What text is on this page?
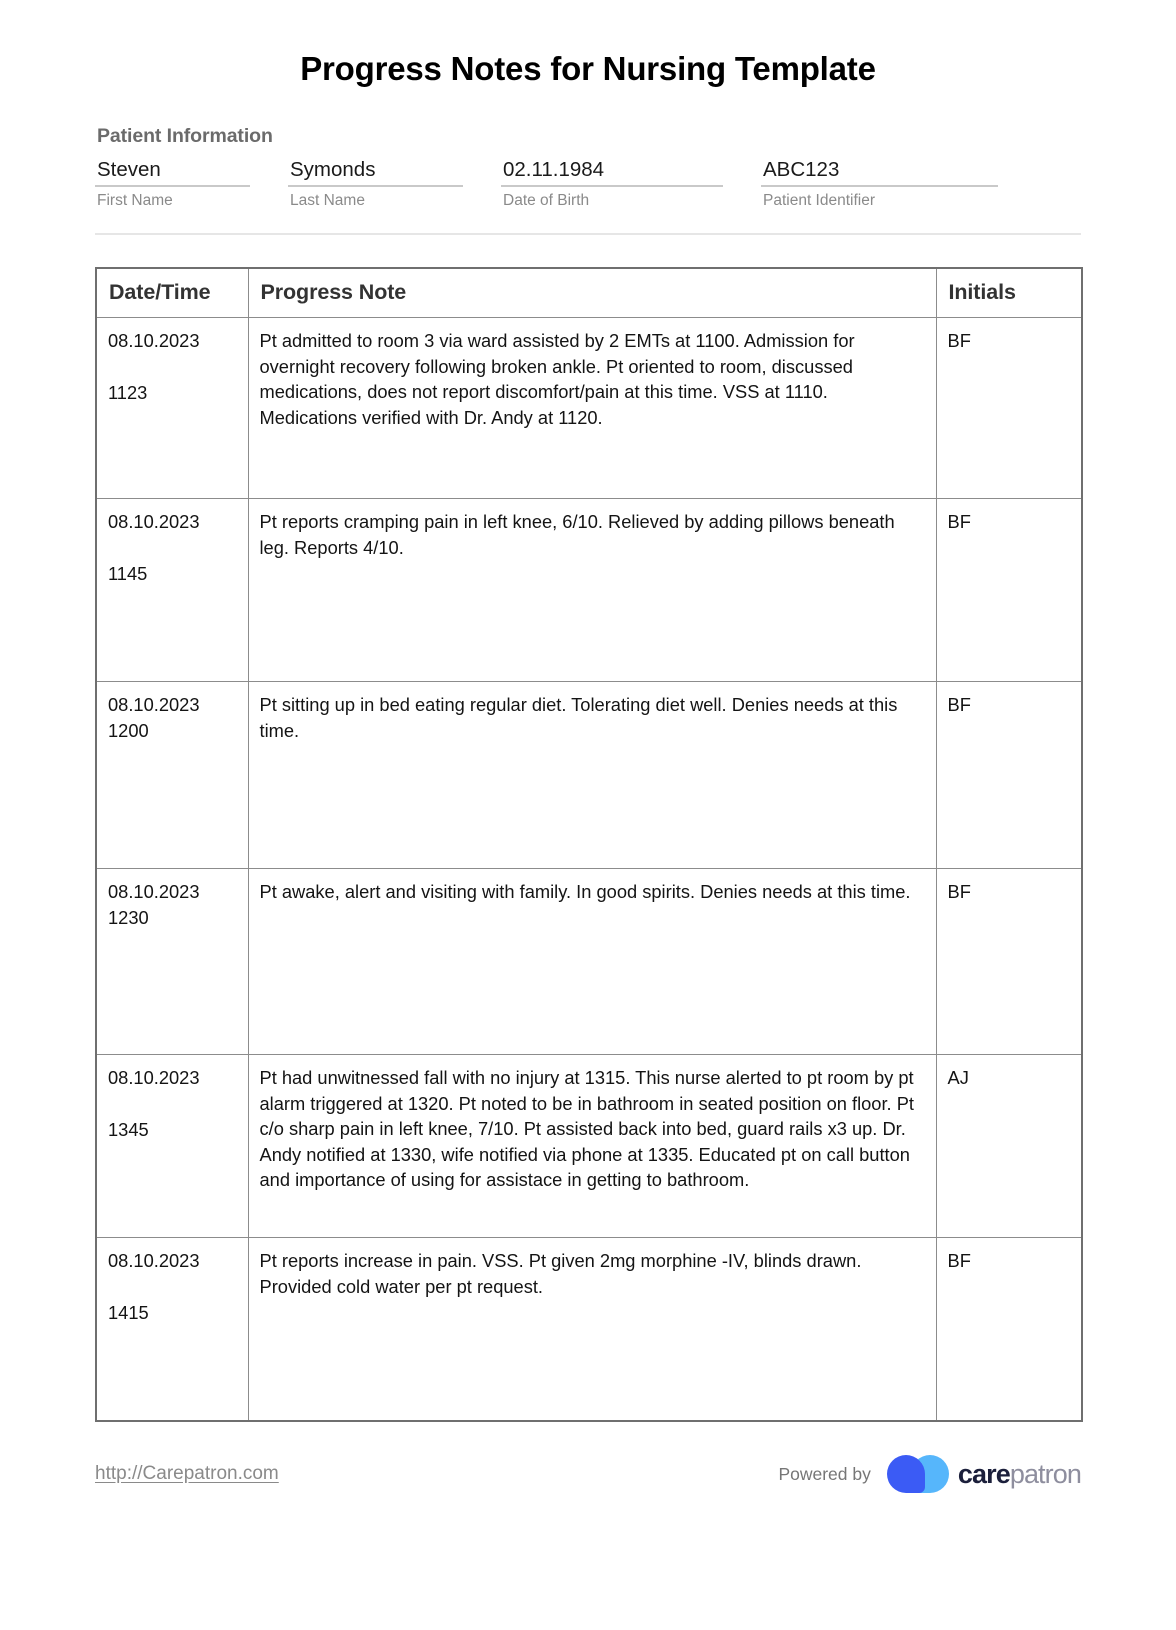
Progress Notes for Nursing Template
Patient Information
Steven
First Name
Symonds
Last Name
02.11.1984
Date of Birth
ABC123
Patient Identifier
Date/Time	Progress Note	Initials

08.10.2023
1123	Pt admitted to room 3 via ward assisted by 2 EMTs at 1100. Admission for overnight recovery following broken ankle. Pt oriented to room, discussed medications, does not report discomfort/pain at this time. VSS at 1110. Medications verified with Dr. Andy at 1120.	BF

08.10.2023
1145	Pt reports cramping pain in left knee, 6/10. Relieved by adding pillows beneath leg. Reports 4/10.	BF

08.10.2023
1200	Pt sitting up in bed eating regular diet. Tolerating diet well. Denies needs at this time.	BF

08.10.2023
1230	Pt awake, alert and visiting with family. In good spirits. Denies needs at this time.	BF

08.10.2023
1345	Pt had unwitnessed fall with no injury at 1315. This nurse alerted to pt room by pt alarm triggered at 1320. Pt noted to be in bathroom in seated position on floor. Pt c/o sharp pain in left knee, 7/10. Pt assisted back into bed, guard rails x3 up. Dr. Andy notified at 1330, wife notified via phone at 1335. Educated pt on call button and importance of using for assistace in getting to bathroom.	AJ

08.10.2023
1415	Pt reports increase in pain. VSS. Pt given 2mg morphine -IV, blinds drawn. Provided cold water per pt request.	BF
http://Carepatron.com	Powered by	carepatron
